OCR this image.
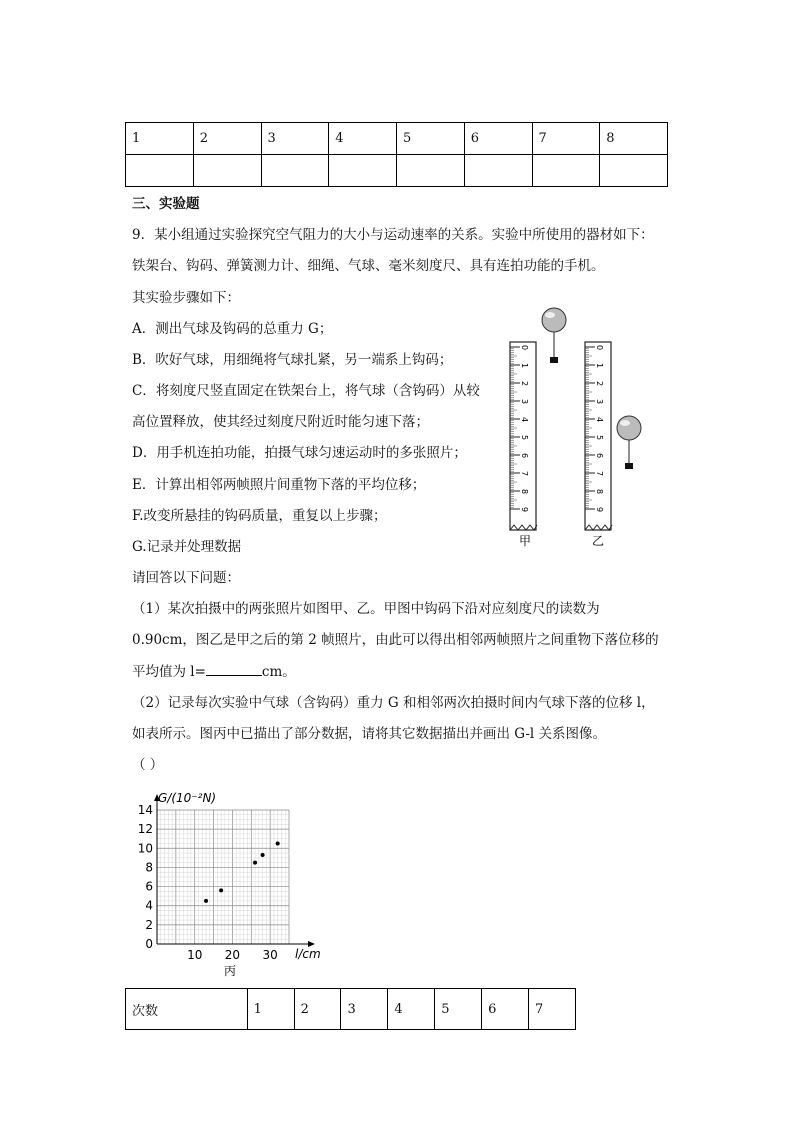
1	2	3	4	5	6	7	8

三、实验题
9．某小组通过实验探究空气阻力的大小与运动速率的关系。实验中所使用的器材如下：
铁架台、钩码、弹簧测力计、细绳、气球、毫米刻度尺、具有连拍功能的手机。
其实验步骤如下：
A．测出气球及钩码的总重力 G；
B．吹好气球，用细绳将气球扎紧，另一端系上钩码；
C．将刻度尺竖直固定在铁架台上，将气球（含钩码）从较
高位置释放，使其经过刻度尺附近时能匀速下落；
D．用手机连拍功能，拍摄气球匀速运动时的多张照片；
E．计算出相邻两帧照片间重物下落的平均位移；
F.改变所悬挂的钩码质量，重复以上步骤；
G.记录并处理数据
请回答以下问题：
（1）某次拍摄中的两张照片如图甲、乙。甲图中钩码下沿对应刻度尺的读数为
0.90cm，图乙是甲之后的第 2 帧照片，由此可以得出相邻两帧照片之间重物下落位移的
平均值为 l=	cm。
（2）记录每次实验中气球（含钩码）重力 G 和相邻两次拍摄时间内气球下落的位移 l，
如表所示。图丙中已描出了部分数据，请将其它数据描出并画出 G-l 关系图像。
（ ）
0
1
2
3
4
5
6
7
8
9
0
1
2
3
4
5
6
7
8
9
甲	乙
0
2
4
6
8
10
12
14
10 20 30
G/(10⁻²N)
l/cm
丙
次数	1	2	3	4	5	6	7
